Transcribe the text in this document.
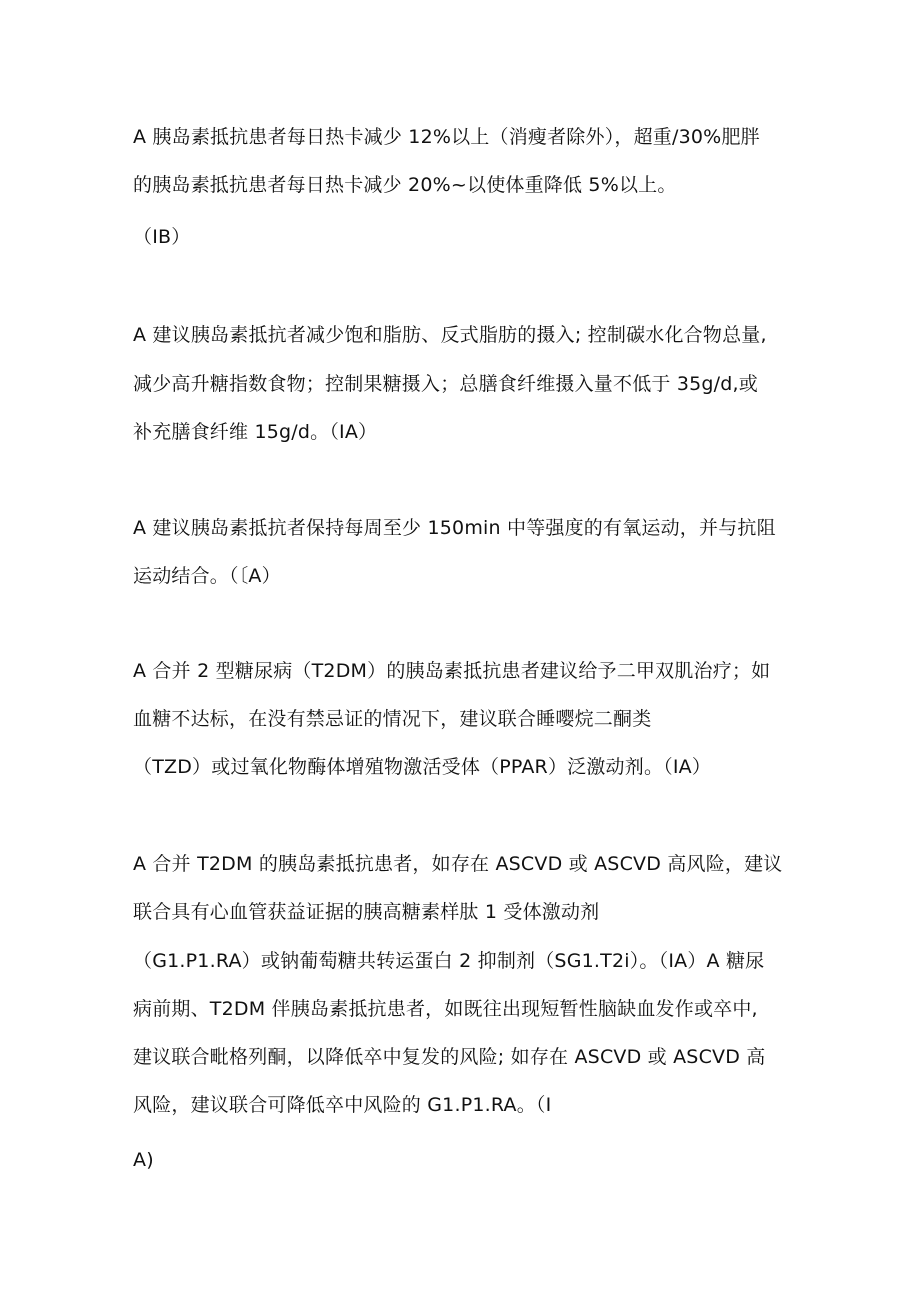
A 胰岛素抵抗患者每日热卡减少 12%以上（消瘦者除外），超重/30%肥胖
的胰岛素抵抗患者每日热卡减少 20%~以使体重降低 5%以上。
（IB）
A 建议胰岛素抵抗者减少饱和脂肪、反式脂肪的摄入; 控制碳水化合物总量,
减少高升糖指数食物；控制果糖摄入；总膳食纤维摄入量不低于 35g/d,或
补充膳食纤维 15g/d。（IA）
A 建议胰岛素抵抗者保持每周至少 150min 中等强度的有氧运动，并与抗阻
运动结合。（〔A）
A 合并 2 型糖尿病（T2DM）的胰岛素抵抗患者建议给予二甲双肌治疗；如
血糖不达标，在没有禁忌证的情况下，建议联合睡嘤烷二酮类
（TZD）或过氧化物酶体增殖物激活受体（PPAR）泛激动剂。（IA）
A 合并 T2DM 的胰岛素抵抗患者，如存在 ASCVD 或 ASCVD 高风险，建议
联合具有心血管获益证据的胰高糖素样肽 1 受体激动剂
（G1.P1.RA）或钠葡萄糖共转运蛋白 2 抑制剂（SG1.T2i）。（IA）A 糖尿
病前期、T2DM 伴胰岛素抵抗患者，如既往出现短暂性脑缺血发作或卒中,
建议联合毗格列酮，以降低卒中复发的风险; 如存在 ASCVD 或 ASCVD 高
风险，建议联合可降低卒中风险的 G1.P1.RA。（I
A)
